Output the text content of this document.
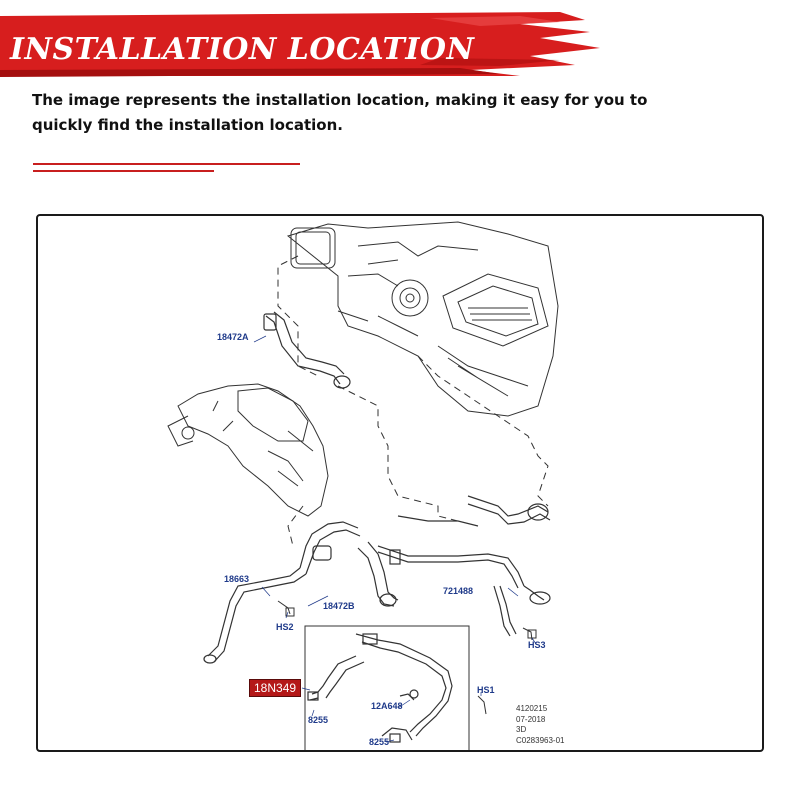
INSTALLATION LOCATION
The image represents the installation location, making it easy for you to quickly find the installation location.
18472A
18663
18472B
721488
HS2
HS3
HS1
12A648
8255
8255
18N349
4120215
07-2018
3D
C0283963-01
